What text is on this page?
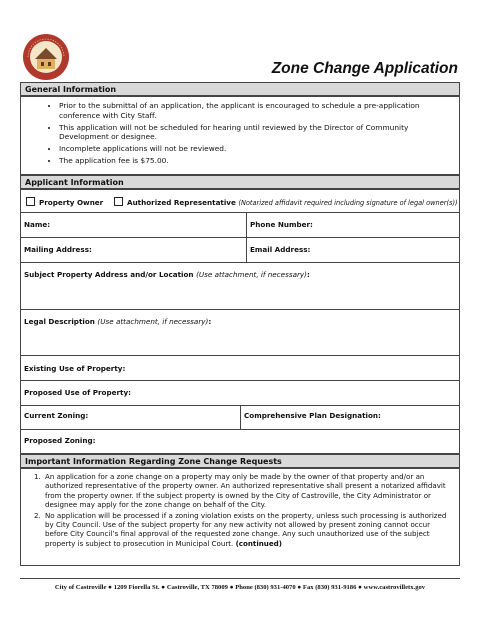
Zone Change Application
General Information
• Prior to the submittal of an application, the applicant is encouraged to schedule a pre-application conference with City Staff.
• This application will not be scheduled for hearing until reviewed by the Director of Community Development or designee.
• Incomplete applications will not be reviewed.
• The application fee is $75.00.
Applicant Information
Property Owner	Authorized Representative (Notarized affidavit required including signature of legal owner(s))
Name:	Phone Number:
Mailing Address:	Email Address:
Subject Property Address and/or Location (Use attachment, if necessary):
Legal Description (Use attachment, if necessary):
Existing Use of Property:
Proposed Use of Property:
Current Zoning:	Comprehensive Plan Designation:
Proposed Zoning:
Important Information Regarding Zone Change Requests
1. An application for a zone change on a property may only be made by the owner of that property and/or an authorized representative of the property owner. An authorized representative shall present a notarized affidavit from the property owner. If the subject property is owned by the City of Castroville, the City Administrator or designee may apply for the zone change on behalf of the City.
2. No application will be processed if a zoning violation exists on the property, unless such processing is authorized by City Council. Use of the subject property for any new activity not allowed by present zoning cannot occur before City Council’s final approval of the requested zone change. Any such unauthorized use of the subject property is subject to prosecution in Municipal Court. (continued)
City of Castroville ● 1209 Fiorella St. ● Castroville, TX 78009 ● Phone (830) 931-4070 ● Fax (830) 931-9186 ● www.castrovilletx.gov
